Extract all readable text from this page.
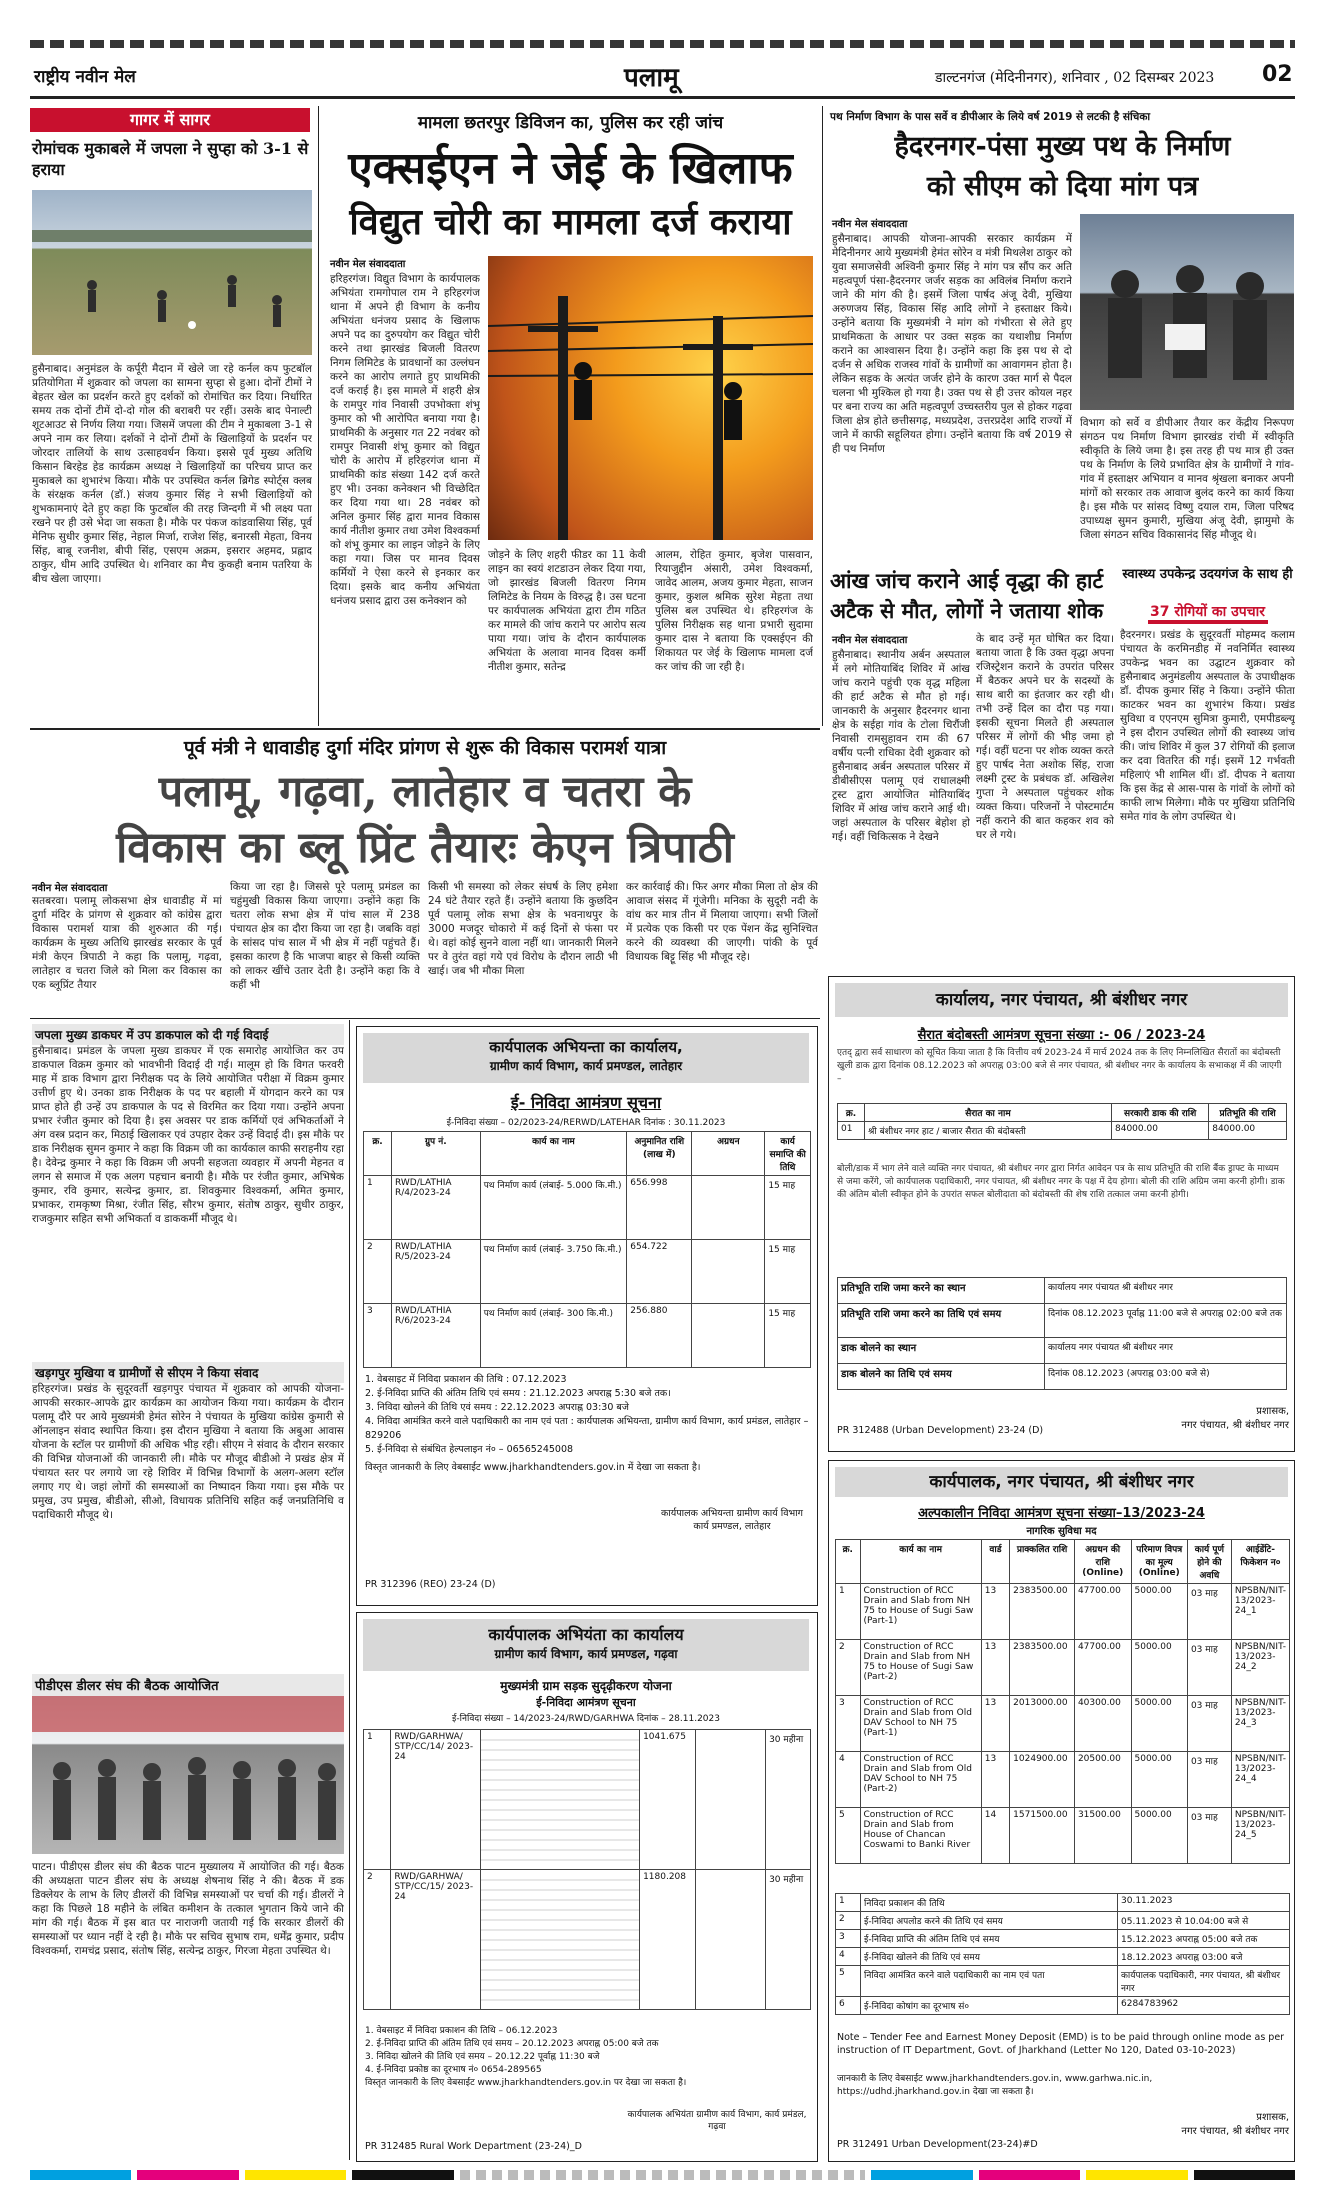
राष्ट्रीय नवीन मेल	पलामू	डाल्टनगंज (मेदिनीनगर), शनिवार , 02 दिसम्बर 2023 02
गागर में सागर
रोमांचक मुकाबले में जपला ने सुप्हा को 3-1 से हराया
हुसैनाबाद। अनुमंडल के कर्पूरी मैदान में खेले जा रहे कर्नल कप फुटबॉल प्रतियोगिता में शुक्रवार को जपला का सामना सुप्हा से हुआ। दोनों टीमों ने बेहतर खेल का प्रदर्शन करते हुए दर्शकों को रोमांचित कर दिया। निर्धारित समय तक दोनों टीमें दो-दो गोल की बराबरी पर रहीं। उसके बाद पेनाल्टी शूटआउट से निर्णय लिया गया। जिसमें जपला की टीम ने मुकाबला 3-1 से अपने नाम कर लिया। दर्शकों ने दोनों टीमों के खिलाड़ियों के प्रदर्शन पर जोरदार तालियों के साथ उत्साहवर्धन किया। इससे पूर्व मुख्य अतिथि किसान बिरहेड हेड कार्यक्रम अध्यक्ष ने खिलाड़ियों का परिचय प्राप्त कर मुकाबले का शुभारंभ किया। मौके पर उपस्थित कर्नल ब्रिगेड स्पोर्ट्स क्लब के संरक्षक कर्नल (डॉ.) संजय कुमार सिंह ने सभी खिलाड़ियों को शुभकामनाएं देते हुए कहा कि फुटबॉल की तरह जिन्दगी में भी लक्ष्य पता रखने पर ही उसे भेदा जा सकता है। मौके पर पंकज कांडवासिया सिंह, पूर्व मेनिफ सुधीर कुमार सिंह, नेहाल मिर्जा, राजेश सिंह, बनारसी मेहता, विनय सिंह, बाबू रजनीश, बीपी सिंह, एसएम अक्रम, इसरार अहमद, प्रह्लाद ठाकुर, धीम आदि उपस्थित थे। शनिवार का मैच कुकही बनाम पतरिया के बीच खेला जाएगा।
मामला छतरपुर डिविजन का, पुलिस कर रही जांच
एक्सईएन ने जेई के खिलाफ
विद्युत चोरी का मामला दर्ज कराया
नवीन मेल संवाददाता
हरिहरगंज। विद्युत विभाग के कार्यपालक अभियंता रामगोपाल राम ने हरिहरगंज थाना में अपने ही विभाग के कनीय अभियंता धनंजय प्रसाद के खिलाफ अपने पद का दुरुपयोग कर विद्युत चोरी करने तथा झारखंड बिजली वितरण निगम लिमिटेड के प्रावधानों का उल्लंघन करने का आरोप लगाते हुए प्राथमिकी दर्ज कराई है। इस मामले में शहरी क्षेत्र के रामपुर गांव निवासी उपभोक्ता शंभू कुमार को भी आरोपित बनाया गया है। प्राथमिकी के अनुसार गत 22 नवंबर को रामपुर निवासी शंभू कुमार को विद्युत चोरी के आरोप में हरिहरगंज थाना में प्राथमिकी कांड संख्या 142 दर्ज करते हुए भी। उनका कनेक्शन भी विच्छेदित कर दिया गया था। 28 नवंबर को अनिल कुमार सिंह द्वारा मानव विकास कार्य नीतीश कुमार तथा उमेश विश्वकर्मा को शंभू कुमार का लाइन जोड़ने के लिए कहा गया। जिस पर मानव दिवस कर्मियों ने ऐसा करने से इनकार कर दिया। इसके बाद कनीय अभियंता धनंजय प्रसाद द्वारा उस कनेक्शन को
जोड़ने के लिए शहरी फीडर का 11 केवी लाइन का स्वयं शटडाउन लेकर दिया गया, जो झारखंड बिजली वितरण निगम लिमिटेड के नियम के विरुद्ध है। उस घटना पर कार्यपालक अभियंता द्वारा टीम गठित कर मामले की जांच कराने पर आरोप सत्य पाया गया। जांच के दौरान कार्यपालक अभियंता के अलावा मानव दिवस कर्मी नीतीश कुमार, सतेन्द्र
आलम, रोहित कुमार, बृजेश पासवान, रियाजुद्दीन अंसारी, उमेश विश्वकर्मा, जावेद आलम, अजय कुमार मेहता, साजन कुमार, कुशल श्रमिक सुरेश मेहता तथा पुलिस बल उपस्थित थे। हरिहरगंज के पुलिस निरीक्षक सह थाना प्रभारी सुदामा कुमार दास ने बताया कि एक्सईएन की शिकायत पर जेई के खिलाफ मामला दर्ज कर जांच की जा रही है।
पथ निर्माण विभाग के पास सर्वे व डीपीआर के लिये वर्ष 2019 से लटकी है संचिका
हैदरनगर-पंसा मुख्य पथ के निर्माण
को सीएम को दिया मांग पत्र
नवीन मेल संवाददाता
हुसैनाबाद। आपकी योजना-आपकी सरकार कार्यक्रम में मेदिनीनगर आये मुख्यमंत्री हेमंत सोरेन व मंत्री मिथलेश ठाकुर को युवा समाजसेवी अश्विनी कुमार सिंह ने मांग पत्र सौंप कर अति महत्वपूर्ण पंसा-हैदरनगर जर्जर सड़क का अविलंब निर्माण कराने जाने की मांग की है। इसमें जिला पार्षद अंजू देवी, मुखिया अरुणजय सिंह, विकास सिंह आदि लोगों ने हस्ताक्षर किये। उन्होंने बताया कि मुख्यमंत्री ने मांग को गंभीरता से लेते हुए प्राथमिकता के आधार पर उक्त सड़क का यथाशीघ्र निर्माण कराने का आश्वासन दिया है। उन्होंने कहा कि इस पथ से दो दर्जन से अधिक राजस्व गांवों के ग्रामीणों का आवागमन होता है। लेकिन सड़क के अत्यंत जर्जर होने के कारण उक्त मार्ग से पैदल चलना भी मुश्किल हो गया है। उक्त पथ से ही उत्तर कोयल नहर पर बना राज्य का अति महत्वपूर्ण उच्चस्तरीय पुल से होकर गढ़वा जिला क्षेत्र होते छत्तीसगढ़, मध्यप्रदेश, उत्तरप्रदेश आदि राज्यों में जाने में काफी सहूलियत होगा। उन्होंने बताया कि वर्ष 2019 से ही पथ निर्माण
विभाग को सर्वे व डीपीआर तैयार कर केंद्रीय निरूपण संगठन पथ निर्माण विभाग झारखंड रांची में स्वीकृति स्वीकृति के लिये जमा है। इस तरह ही पथ मात्र ही उक्त पथ के निर्माण के लिये प्रभावित क्षेत्र के ग्रामीणों ने गांव-गांव में हस्ताक्षर अभियान व मानव श्रृंखला बनाकर अपनी मांगों को सरकार तक आवाज बुलंद करने का कार्य किया है। इस मौके पर सांसद विष्णु दयाल राम, जिला परिषद उपाध्यक्ष सुमन कुमारी, मुखिया अंजू देवी, झामुमो के जिला संगठन सचिव विकासानंद सिंह मौजूद थे।
स्वास्थ्य उपकेन्द्र उदयगंज के साथ ही
37 रोगियों का उपचार
हैदरनगर। प्रखंड के सुदूरवर्ती मोहम्मद कलाम पंचायत के करमिनडीह में नवनिर्मित स्वास्थ्य उपकेन्द्र भवन का उद्घाटन शुक्रवार को हुसैनाबाद अनुमंडलीय अस्पताल के उपाधीक्षक डॉ. दीपक कुमार सिंह ने किया। उन्होंने फीता काटकर भवन का शुभारंभ किया। प्रखंड सुविधा व एएनएम सुमित्रा कुमारी, एमपीडब्ल्यू ने इस दौरान उपस्थित लोगों की स्वास्थ्य जांच की। जांच शिविर में कुल 37 रोगियों की इलाज कर दवा वितरित की गई। इसमें 12 गर्भवती महिलाएं भी शामिल थीं। डॉ. दीपक ने बताया कि इस केंद्र से आस-पास के गांवों के लोगों को काफी लाभ मिलेगा। मौके पर मुखिया प्रतिनिधि समेत गांव के लोग उपस्थित थे।
आंख जांच कराने आई वृद्धा की हार्ट
अटैक से मौत, लोगों ने जताया शोक
नवीन मेल संवाददाता
हुसैनाबाद। स्थानीय अर्बन अस्पताल में लगे मोतियाबिंद शिविर में आंख जांच कराने पहुंची एक वृद्ध महिला की हार्ट अटैक से मौत हो गई। जानकारी के अनुसार हैदरनगर थाना क्षेत्र के सईहा गांव के टोला चिरौंजी निवासी रामसुहावन राम की 67 वर्षीय पत्नी राधिका देवी शुक्रवार को हुसैनाबाद अर्बन अस्पताल परिसर में डीबीसीएस पलामू एवं राधालक्ष्मी ट्रस्ट द्वारा आयोजित मोतियाबिंद शिविर में आंख जांच कराने आई थी। जहां अस्पताल के परिसर बेहोश हो गई। वहीं चिकित्सक ने देखने
के बाद उन्हें मृत घोषित कर दिया। बताया जाता है कि उक्त वृद्धा अपना रजिस्ट्रेशन कराने के उपरांत परिसर में बैठकर अपने घर के सदस्यों के साथ बारी का इंतजार कर रही थी। तभी उन्हें दिल का दौरा पड़ गया। इसकी सूचना मिलते ही अस्पताल परिसर में लोगों की भीड़ जमा हो गई। वहीं घटना पर शोक व्यक्त करते हुए पार्षद नेता अशोक सिंह, राजा लक्ष्मी ट्रस्ट के प्रबंधक डॉ. अखिलेश गुप्ता ने अस्पताल पहुंचकर शोक व्यक्त किया। परिजनों ने पोस्टमार्टम नहीं कराने की बात कहकर शव को घर ले गये।
पूर्व मंत्री ने धावाडीह दुर्गा मंदिर प्रांगण से शुरू की विकास परामर्श यात्रा
पलामू, गढ़वा, लातेहार व चतरा के
विकास का ब्लू प्रिंट तैयारः केएन त्रिपाठी
नवीन मेल संवाददाता
सतबरवा। पलामू लोकसभा क्षेत्र धावाडीह में मां दुर्गा मंदिर के प्रांगण से शुक्रवार को कांग्रेस द्वारा विकास परामर्श यात्रा की शुरुआत की गई। कार्यक्रम के मुख्य अतिथि झारखंड सरकार के पूर्व मंत्री केएन त्रिपाठी ने कहा कि पलामू, गढ़वा, लातेहार व चतरा जिले को मिला कर विकास का एक ब्लूप्रिंट तैयार
किया जा रहा है। जिससे पूरे पलामू प्रमंडल का चहुंमुखी विकास किया जाएगा। उन्होंने कहा कि चतरा लोक सभा क्षेत्र में पांच साल में 238 पंचायत क्षेत्र का दौरा किया जा रहा है। जबकि वहां के सांसद पांच साल में भी क्षेत्र में नहीं पहुंचते हैं। इसका कारण है कि भाजपा बाहर से किसी व्यक्ति को लाकर खींचे उतार देती है। उन्होंने कहा कि वे कहीं भी
किसी भी समस्या को लेकर संघर्ष के लिए हमेशा 24 घंटे तैयार रहते हैं। उन्होंने बताया कि कुछदिन पूर्व पलामू लोक सभा क्षेत्र के भवनाथपुर के 3000 मजदूर चोकारो में कई दिनों से फंसा पर थे। वहां कोई सुनने वाला नहीं था। जानकारी मिलने पर वे तुरंत वहां गये एवं विरोध के दौरान लाठी भी खाई। जब भी मौका मिला
कर कार्रवाई की। फिर अगर मौका मिला तो क्षेत्र की आवाज संसद में गूंजेगी। मनिका के सुदूरी नदी के वांध कर मात्र तीन में मिलाया जाएगा। सभी जिलों में प्रत्येक एक किसी पर एक पेंशन केंद्र सुनिश्चित करने की व्यवस्था की जाएगी। पांकी के पूर्व विधायक बिट्टू सिंह भी मौजूद रहे।
जपला मुख्य डाकघर में उप डाकपाल को दी गई विदाई
हुसैनाबाद। प्रमंडल के जपला मुख्य डाकघर में एक समारोह आयोजित कर उप डाकपाल विक्रम कुमार को भावभीनी विदाई दी गई। मालूम हो कि विगत फरवरी माह में डाक विभाग द्वारा निरीक्षक पद के लिये आयोजित परीक्षा में विक्रम कुमार उत्तीर्ण हुए थे। उनका डाक निरीक्षक के पद पर बहाली में योगदान करने का पत्र प्राप्त होते ही उन्हें उप डाकपाल के पद से विरमित कर दिया गया। उन्होंने अपना प्रभार रंजीत कुमार को दिया है। इस अवसर पर डाक कर्मियों एवं अभिकर्ताओं ने अंग वस्त्र प्रदान कर, मिठाई खिलाकर एवं उपहार देकर उन्हें विदाई दी। इस मौके पर डाक निरीक्षक सुमन कुमार ने कहा कि विक्रम जी का कार्यकाल काफी सराहनीय रहा है। देवेन्द्र कुमार ने कहा कि विक्रम जी अपनी सहजता व्यवहार में अपनी मेहनत व लगन से समाज में एक अलग पहचान बनायी है। मौके पर रंजीत कुमार, अभिषेक कुमार, रवि कुमार, सत्येन्द्र कुमार, डा. शिवकुमार विश्वकर्मा, अमित कुमार, प्रभाकर, रामकृष्ण मिश्रा, रंजीत सिंह, सौरभ कुमार, संतोष ठाकुर, सुधीर ठाकुर, राजकुमार सहित सभी अभिकर्ता व डाककर्मी मौजूद थे।
खड़गपुर मुखिया व ग्रामीणों से सीएम ने किया संवाद
हरिहरगंज। प्रखंड के सुदूरवर्ती खड़गपुर पंचायत में शुक्रवार को आपकी योजना-आपकी सरकार-आपके द्वार कार्यक्रम का आयोजन किया गया। कार्यक्रम के दौरान पलामू दौरे पर आये मुख्यमंत्री हेमंत सोरेन ने पंचायत के मुखिया कांग्रेस कुमारी से ऑनलाइन संवाद स्थापित किया। इस दौरान मुखिया ने बताया कि अबुआ आवास योजना के स्टॉल पर ग्रामीणों की अधिक भीड़ रही। सीएम ने संवाद के दौरान सरकार की विभिन्न योजनाओं की जानकारी ली। मौके पर मौजूद बीडीओ ने प्रखंड क्षेत्र में पंचायत स्तर पर लगाये जा रहे शिविर में विभिन्न विभागों के अलग-अलग स्टॉल लगाए गए थे। जहां लोगों की समस्याओं का निष्पादन किया गया। इस मौके पर प्रमुख, उप प्रमुख, बीडीओ, सीओ, विधायक प्रतिनिधि सहित कई जनप्रतिनिधि व पदाधिकारी मौजूद थे।
पीडीएस डीलर संघ की बैठक आयोजित
पाटन। पीडीएस डीलर संघ की बैठक पाटन मुख्यालय में आयोजित की गई। बैठक की अध्यक्षता पाटन डीलर संघ के अध्यक्ष शेषनाथ सिंह ने की। बैठक में डक डिक्लेयर के लाभ के लिए डीलरों की विभिन्न समस्याओं पर चर्चा की गई। डीलरों ने कहा कि पिछले 18 महीने के लंबित कमीशन के तत्काल भुगतान किये जाने की मांग की गई। बैठक में इस बात पर नाराजगी जतायी गई कि सरकार डीलरों की समस्याओं पर ध्यान नहीं दे रही है। मौके पर सचिव सुभाष राम, धर्मेंद्र कुमार, प्रदीप विश्वकर्मा, रामचंद्र प्रसाद, संतोष सिंह, सत्येन्द्र ठाकुर, गिरजा मेहता उपस्थित थे।
कार्यपालक अभियन्ता का कार्यालय,
ग्रामीण कार्य विभाग, कार्य प्रमण्डल, लातेहार
ई- निविदा आमंत्रण सूचना
ई-निविदा संख्या – 02/2023-24/RERWD/LATEHAR दिनांक : 30.11.2023
क्र.	ग्रुप नं.	कार्य का नाम	अनुमानित राशि (लाख में)	अग्रधन	कार्य समाप्ति की तिथि
1	RWD/LATHIA R/4/2023-24	पथ निर्माण कार्य (लंबाई- 5.000 कि.मी.)	656.998		15 माह
2	RWD/LATHIA R/5/2023-24	पथ निर्माण कार्य (लंबाई- 3.750 कि.मी.)	654.722		15 माह
3	RWD/LATHIA R/6/2023-24	पथ निर्माण कार्य (लंबाई- 300 कि.मी.)	256.880		15 माह
1. वेबसाइट में निविदा प्रकाशन की तिथि : 07.12.2023
2. ई-निविदा प्राप्ति की अंतिम तिथि एवं समय : 21.12.2023 अपराह्न 5:30 बजे तक।
3. निविदा खोलने की तिथि एवं समय : 22.12.2023 अपराह्न 03:30 बजे
4. निविदा आमंत्रित करने वाले पदाधिकारी का नाम एवं पता : कार्यपालक अभियन्ता, ग्रामीण कार्य विभाग, कार्य प्रमंडल, लातेहार – 829206
5. ई-निविदा से संबंधित हेल्पलाइन नं० – 06565245008
विस्तृत जानकारी के लिए वेबसाईट www.jharkhandtenders.gov.in में देखा जा सकता है।
कार्यपालक अभियन्ता ग्रामीण कार्य विभाग कार्य प्रमण्डल, लातेहार
PR 312396 (REO) 23-24 (D)
कार्यपालक अभियंता का कार्यालय
ग्रामीण कार्य विभाग, कार्य प्रमण्डल, गढ़वा
मुख्यमंत्री ग्राम सड़क सुदृढ़ीकरण योजना
ई-निविदा आमंत्रण सूचना
ई-निविदा संख्या – 14/2023-24/RWD/GARHWA दिनांक – 28.11.2023
1	RWD/GARHWA/ STP/CC/14/ 2023-24		1041.675		30 महीना
2	RWD/GARHWA/ STP/CC/15/ 2023-24		1180.208		30 महीना
1. वेबसाइट में निविदा प्रकाशन की तिथि – 06.12.2023
2. ई-निविदा प्राप्ति की अंतिम तिथि एवं समय – 20.12.2023 अपराह्न 05:00 बजे तक
3. निविदा खोलने की तिथि एवं समय – 20.12.22 पूर्वाह्न 11:30 बजे
4. ई-निविदा प्रकोष्ठ का दूरभाष नं० 0654-289565
विस्तृत जानकारी के लिए वेबसाईट www.jharkhandtenders.gov.in पर देखा जा सकता है।
कार्यपालक अभियंता ग्रामीण कार्य विभाग, कार्य प्रमंडल, गढ़वा
PR 312485 Rural Work Department (23-24)_D
कार्यालय, नगर पंचायत, श्री बंशीधर नगर
सैरात बंदोबस्ती आमंत्रण सूचना संख्या :- 06 / 2023-24
एतद् द्वारा सर्व साधारण को सूचित किया जाता है कि वित्तीय वर्ष 2023-24 में मार्च 2024 तक के लिए निम्नलिखित सैरातों का बंदोबस्ती खुली डाक द्वारा दिनांक 08.12.2023 को अपराह्न 03:00 बजे से नगर पंचायत, श्री बंशीधर नगर के कार्यालय के सभाकक्ष में की जाएगी –
क्र.	सैरात का नाम	सरकारी डाक की राशि	प्रतिभूति की राशि
01	श्री बंशीधर नगर हाट / बाजार सैरात की बंदोबस्ती	84000.00	84000.00
बोली/डाक में भाग लेने वाले व्यक्ति नगर पंचायत, श्री बंशीधर नगर द्वारा निर्गत आवेदन पत्र के साथ प्रतिभूति की राशि बैंक ड्राफ्ट के माध्यम से जमा करेंगे, जो कार्यपालक पदाधिकारी, नगर पंचायत, श्री बंशीधर नगर के पक्ष में देय होगा। बोली की राशि अग्रिम जमा करनी होगी। डाक की अंतिम बोली स्वीकृत होने के उपरांत सफल बोलीदाता को बंदोबस्ती की शेष राशि तत्काल जमा करनी होगी।
प्रतिभूति राशि जमा करने का स्थान	कार्यालय नगर पंचायत श्री बंशीधर नगर
प्रतिभूति राशि जमा करने का तिथि एवं समय	दिनांक 08.12.2023 पूर्वाह्न 11:00 बजे से अपराह्न 02:00 बजे तक
डाक बोलने का स्थान	कार्यालय नगर पंचायत श्री बंशीधर नगर
डाक बोलने का तिथि एवं समय	दिनांक 08.12.2023 (अपराह्न 03:00 बजे से)
प्रशासक,
नगर पंचायत, श्री बंशीधर नगर
PR 312488 (Urban Development) 23-24 (D)
कार्यपालक, नगर पंचायत, श्री बंशीधर नगर
अल्पकालीन निविदा आमंत्रण सूचना संख्या–13/2023-24
नागरिक सुविधा मद
क्र.	कार्य का नाम	वार्ड	प्राक्कलित राशि	अग्रधन की राशि (Online)	परिमाण विपत्र का मूल्य (Online)	कार्य पूर्ण होने की अवधि	आईडेंटि-फिकेशन न०
1	Construction of RCC Drain and Slab from NH 75 to House of Sugi Saw (Part-1)	13	2383500.00	47700.00	5000.00	03 माह	NPSBN/NIT-13/2023-24_1
2	Construction of RCC Drain and Slab from NH 75 to House of Sugi Saw (Part-2)	13	2383500.00	47700.00	5000.00	03 माह	NPSBN/NIT-13/2023-24_2
3	Construction of RCC Drain and Slab from Old DAV School to NH 75 (Part-1)	13	2013000.00	40300.00	5000.00	03 माह	NPSBN/NIT-13/2023-24_3
4	Construction of RCC Drain and Slab from Old DAV School to NH 75 (Part-2)	13	1024900.00	20500.00	5000.00	03 माह	NPSBN/NIT-13/2023-24_4
5	Construction of RCC Drain and Slab from House of Chancan Coswami to Banki River	14	1571500.00	31500.00	5000.00	03 माह	NPSBN/NIT-13/2023-24_5
1	निविदा प्रकाशन की तिथि	30.11.2023
2	ई-निविदा अपलोड करने की तिथि एवं समय	05.11.2023 से 10.04:00 बजे से
3	ई-निविदा प्राप्ति की अंतिम तिथि एवं समय	15.12.2023 अपराह्न 05:00 बजे तक
4	ई-निविदा खोलने की तिथि एवं समय	18.12.2023 अपराह्न 03:00 बजे
5	निविदा आमंत्रित करने वाले पदाधिकारी का नाम एवं पता	कार्यपालक पदाधिकारी, नगर पंचायत, श्री बंशीधर नगर
6	ई-निविदा कोषांग का दूरभाष सं०	6284783962
Note – Tender Fee and Earnest Money Deposit (EMD) is to be paid through online mode as per instruction of IT Department, Govt. of Jharkhand (Letter No 120, Dated 03-10-2023)
जानकारी के लिए वेबसाईट www.jharkhandtenders.gov.in, www.garhwa.nic.in, https://udhd.jharkhand.gov.in देखा जा सकता है।
प्रशासक,
नगर पंचायत, श्री बंशीधर नगर
PR 312491 Urban Development(23-24)#D
